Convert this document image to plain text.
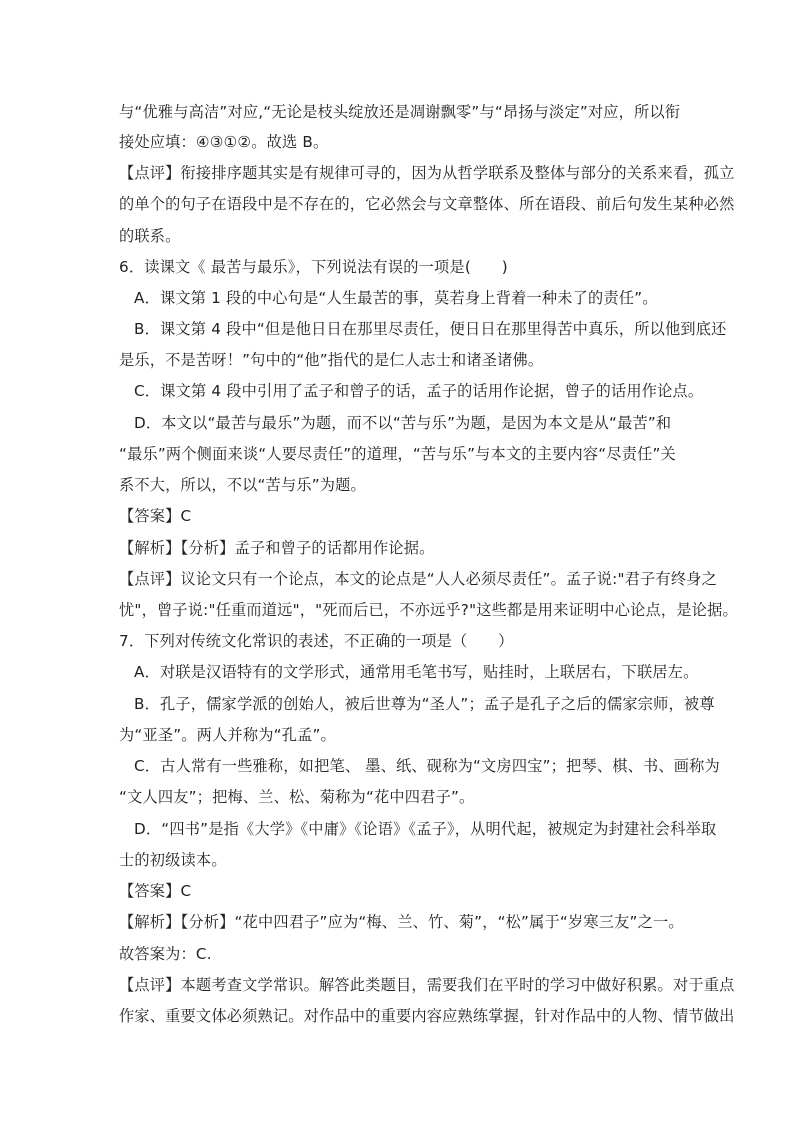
与“优雅与高洁”对应,“无论是枝头绽放还是凋谢飘零”与“昂扬与淡定”对应，所以衔
接处应填：④③①②。故选 B。
【点评】衔接排序题其实是有规律可寻的，因为从哲学联系及整体与部分的关系来看，孤立
的单个的句子在语段中是不存在的，它必然会与文章整体、所在语段、前后句发生某种必然
的联系。
6．读课文《 最苦与最乐》，下列说法有误的一项是(　　)
A．课文第 1 段的中心句是“人生最苦的事，莫若身上背着一种未了的责任”。
B．课文第 4 段中“但是他日日在那里尽责任，便日日在那里得苦中真乐，所以他到底还
是乐，不是苦呀！”句中的“他”指代的是仁人志士和诸圣诸佛。
C．课文第 4 段中引用了孟子和曾子的话，孟子的话用作论据，曾子的话用作论点。
D．本文以“最苦与最乐”为题，而不以“苦与乐”为题，是因为本文是从“最苦”和
“最乐”两个侧面来谈“人要尽责任”的道理，“苦与乐”与本文的主要内容“尽责任”关
系不大，所以，不以“苦与乐”为题。
【答案】C
【解析】【分析】孟子和曾子的话都用作论据。
【点评】议论文只有一个论点，本文的论点是“人人必须尽责任”。孟子说:"君子有终身之
忧"，曾子说:"任重而道远"，"死而后已，不亦远乎?"这些都是用来证明中心论点，是论据。
7．下列对传统文化常识的表述，不正确的一项是（　　）
A．对联是汉语特有的文学形式，通常用毛笔书写，贴挂时，上联居右，下联居左。
B．孔子，儒家学派的创始人，被后世尊为“圣人”；孟子是孔子之后的儒家宗师，被尊
为“亚圣”。两人并称为“孔孟”。
C．古人常有一些雅称，如把笔、 墨、纸、砚称为“文房四宝”；把琴、棋、书、画称为
“文人四友”；把梅、兰、松、菊称为“花中四君子”。
D．“四书”是指《大学》《中庸》《论语》《孟子》，从明代起，被规定为封建社会科举取
士的初级读本。
【答案】C
【解析】【分析】“花中四君子”应为“梅、兰、竹、菊”，“松”属于“岁寒三友”之一。
故答案为：C.
【点评】本题考查文学常识。解答此类题目，需要我们在平时的学习中做好积累。对于重点
作家、重要文体必须熟记。对作品中的重要内容应熟练掌握，针对作品中的人物、情节做出
